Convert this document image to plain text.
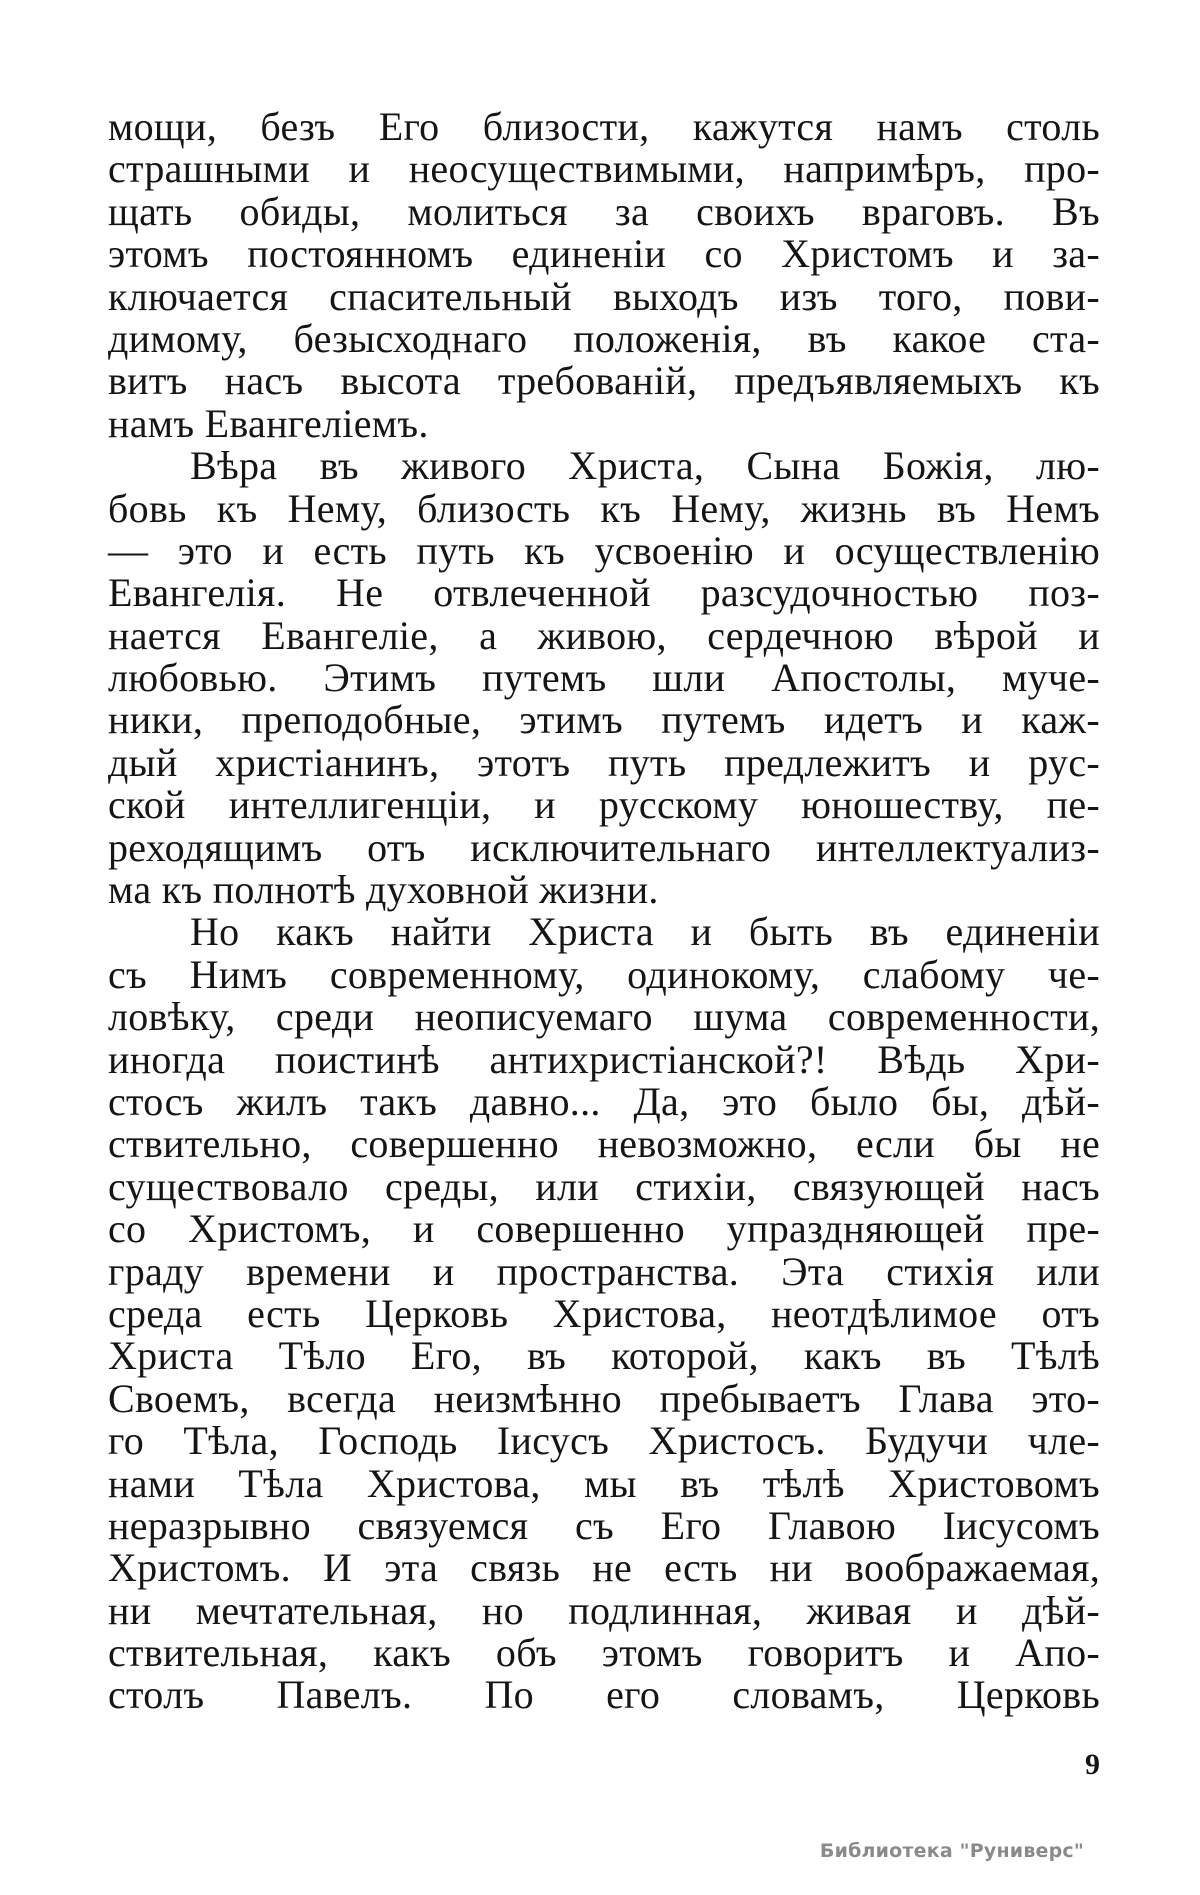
мощи, безъ Его близости, кажутся намъ столь
страшными и неосуществимыми, напримѣръ, про-
щать обиды, молиться за своихъ враговъ. Въ
этомъ постоянномъ единеніи со Христомъ и за-
ключается спасительный выходъ изъ того, пови-
димому, безысходнаго положенія, въ какое ста-
витъ насъ высота требованій, предъявляемыхъ къ
намъ Евангеліемъ.
Вѣра въ живого Христа, Сына Божія, лю-
бовь къ Нему, близость къ Нему, жизнь въ Немъ
— это и есть путь къ усвоенію и осуществленію
Евангелія. Не отвлеченной разсудочностью поз-
нается Евангеліе, а живою, сердечною вѣрой и
любовью. Этимъ путемъ шли Апостолы, муче-
ники, преподобные, этимъ путемъ идетъ и каж-
дый христіанинъ, этотъ путь предлежитъ и рус-
ской интеллигенціи, и русскому юношеству, пе-
реходящимъ отъ исключительнаго интеллектуализ-
ма къ полнотѣ духовной жизни.
Но какъ найти Христа и быть въ единеніи
съ Нимъ современному, одинокому, слабому че-
ловѣку, среди неописуемаго шума современности,
иногда поистинѣ антихристіанской?! Вѣдь Хри-
стосъ жилъ такъ давно... Да, это было бы, дѣй-
ствительно, совершенно невозможно, если бы не
существовало среды, или стихіи, связующей насъ
со Христомъ, и совершенно упраздняющей пре-
граду времени и пространства. Эта стихія или
среда есть Церковь Христова, неотдѣлимое отъ
Христа Тѣло Его, въ которой, какъ въ Тѣлѣ
Своемъ, всегда неизмѣнно пребываетъ Глава это-
го Тѣла, Господь Іисусъ Христосъ. Будучи чле-
нами Тѣла Христова, мы въ тѣлѣ Христовомъ
неразрывно связуемся съ Его Главою Іисусомъ
Христомъ. И эта связь не есть ни воображаемая,
ни мечтательная, но подлинная, живая и дѣй-
ствительная, какъ объ этомъ говоритъ и Апо-
столъ Павелъ. По его словамъ, Церковь
9
Библиотека "Руниверс"
